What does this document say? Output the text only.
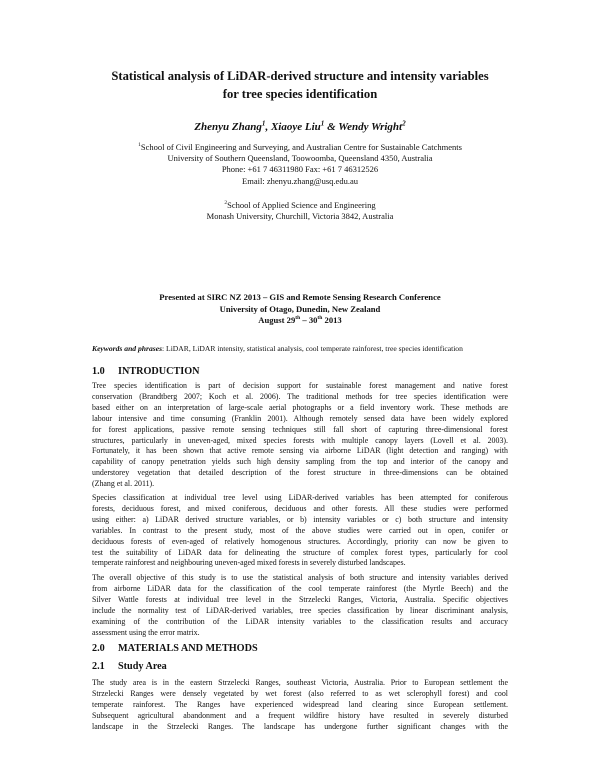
Statistical analysis of LiDAR-derived structure and intensity variables
for tree species identification
Zhenyu Zhang$^1$, Xiaoye Liu$^1$ & Wendy Wright$^2$
$^1$School of Civil Engineering and Surveying, and Australian Centre for Sustainable Catchments
University of Southern Queensland, Toowoomba, Queensland 4350, Australia
Phone: +61 7 46311980 Fax: +61 7 46312526
Email: zhenyu.zhang@usq.edu.au
$^2$School of Applied Science and Engineering
Monash University, Churchill, Victoria 3842, Australia
Presented at SIRC NZ 2013 – GIS and Remote Sensing Research Conference
University of Otago, Dunedin, New Zealand
August 29th – 30th 2013
Keywords and phrases: LiDAR, LiDAR intensity, statistical analysis, cool temperate rainforest, tree species identification
1.0 INTRODUCTION
Tree species identification is part of decision support for sustainable forest management and native forest
conservation (Brandtberg 2007; Koch et al. 2006). The traditional methods for tree species identification were
based either on an interpretation of large-scale aerial photographs or a field inventory work. These methods are
labour intensive and time consuming (Franklin 2001). Although remotely sensed data have been widely explored
for forest applications, passive remote sensing techniques still fall short of capturing three-dimensional forest
structures, particularly in uneven-aged, mixed species forests with multiple canopy layers (Lovell et al. 2003).
Fortunately, it has been shown that active remote sensing via airborne LiDAR (light detection and ranging) with
capability of canopy penetration yields such high density sampling from the top and interior of the canopy and
understorey vegetation that detailed description of the forest structure in three-dimensions can be obtained
(Zhang et al. 2011).
Species classification at individual tree level using LiDAR-derived variables has been attempted for coniferous
forests, deciduous forest, and mixed coniferous, deciduous and other forests. All these studies were performed
using either: a) LiDAR derived structure variables, or b) intensity variables or c) both structure and intensity
variables. In contrast to the present study, most of the above studies were carried out in open, conifer or
deciduous forests of even-aged of relatively homogenous structures. Accordingly, priority can now be given to
test the suitability of LiDAR data for delineating the structure of complex forest types, particularly for cool
temperate rainforest and neighbouring uneven-aged mixed forests in severely disturbed landscapes.
The overall objective of this study is to use the statistical analysis of both structure and intensity variables derived
from airborne LiDAR data for the classification of the cool temperate rainforest (the Myrtle Beech) and the
Silver Wattle forests at individual tree level in the Strzelecki Ranges, Victoria, Australia. Specific objectives
include the normality test of LiDAR-derived variables, tree species classification by linear discriminant analysis,
examining of the contribution of the LiDAR intensity variables to the classification results and accuracy
assessment using the error matrix.
2.0 MATERIALS AND METHODS
2.1 Study Area
The study area is in the eastern Strzelecki Ranges, southeast Victoria, Australia. Prior to European settlement the
Strzelecki Ranges were densely vegetated by wet forest (also referred to as wet sclerophyll forest) and cool
temperate rainforest. The Ranges have experienced widespread land clearing since European settlement.
Subsequent agricultural abandonment and a frequent wildfire history have resulted in severely disturbed
landscape in the Strzelecki Ranges. The landscape has undergone further significant changes with the
